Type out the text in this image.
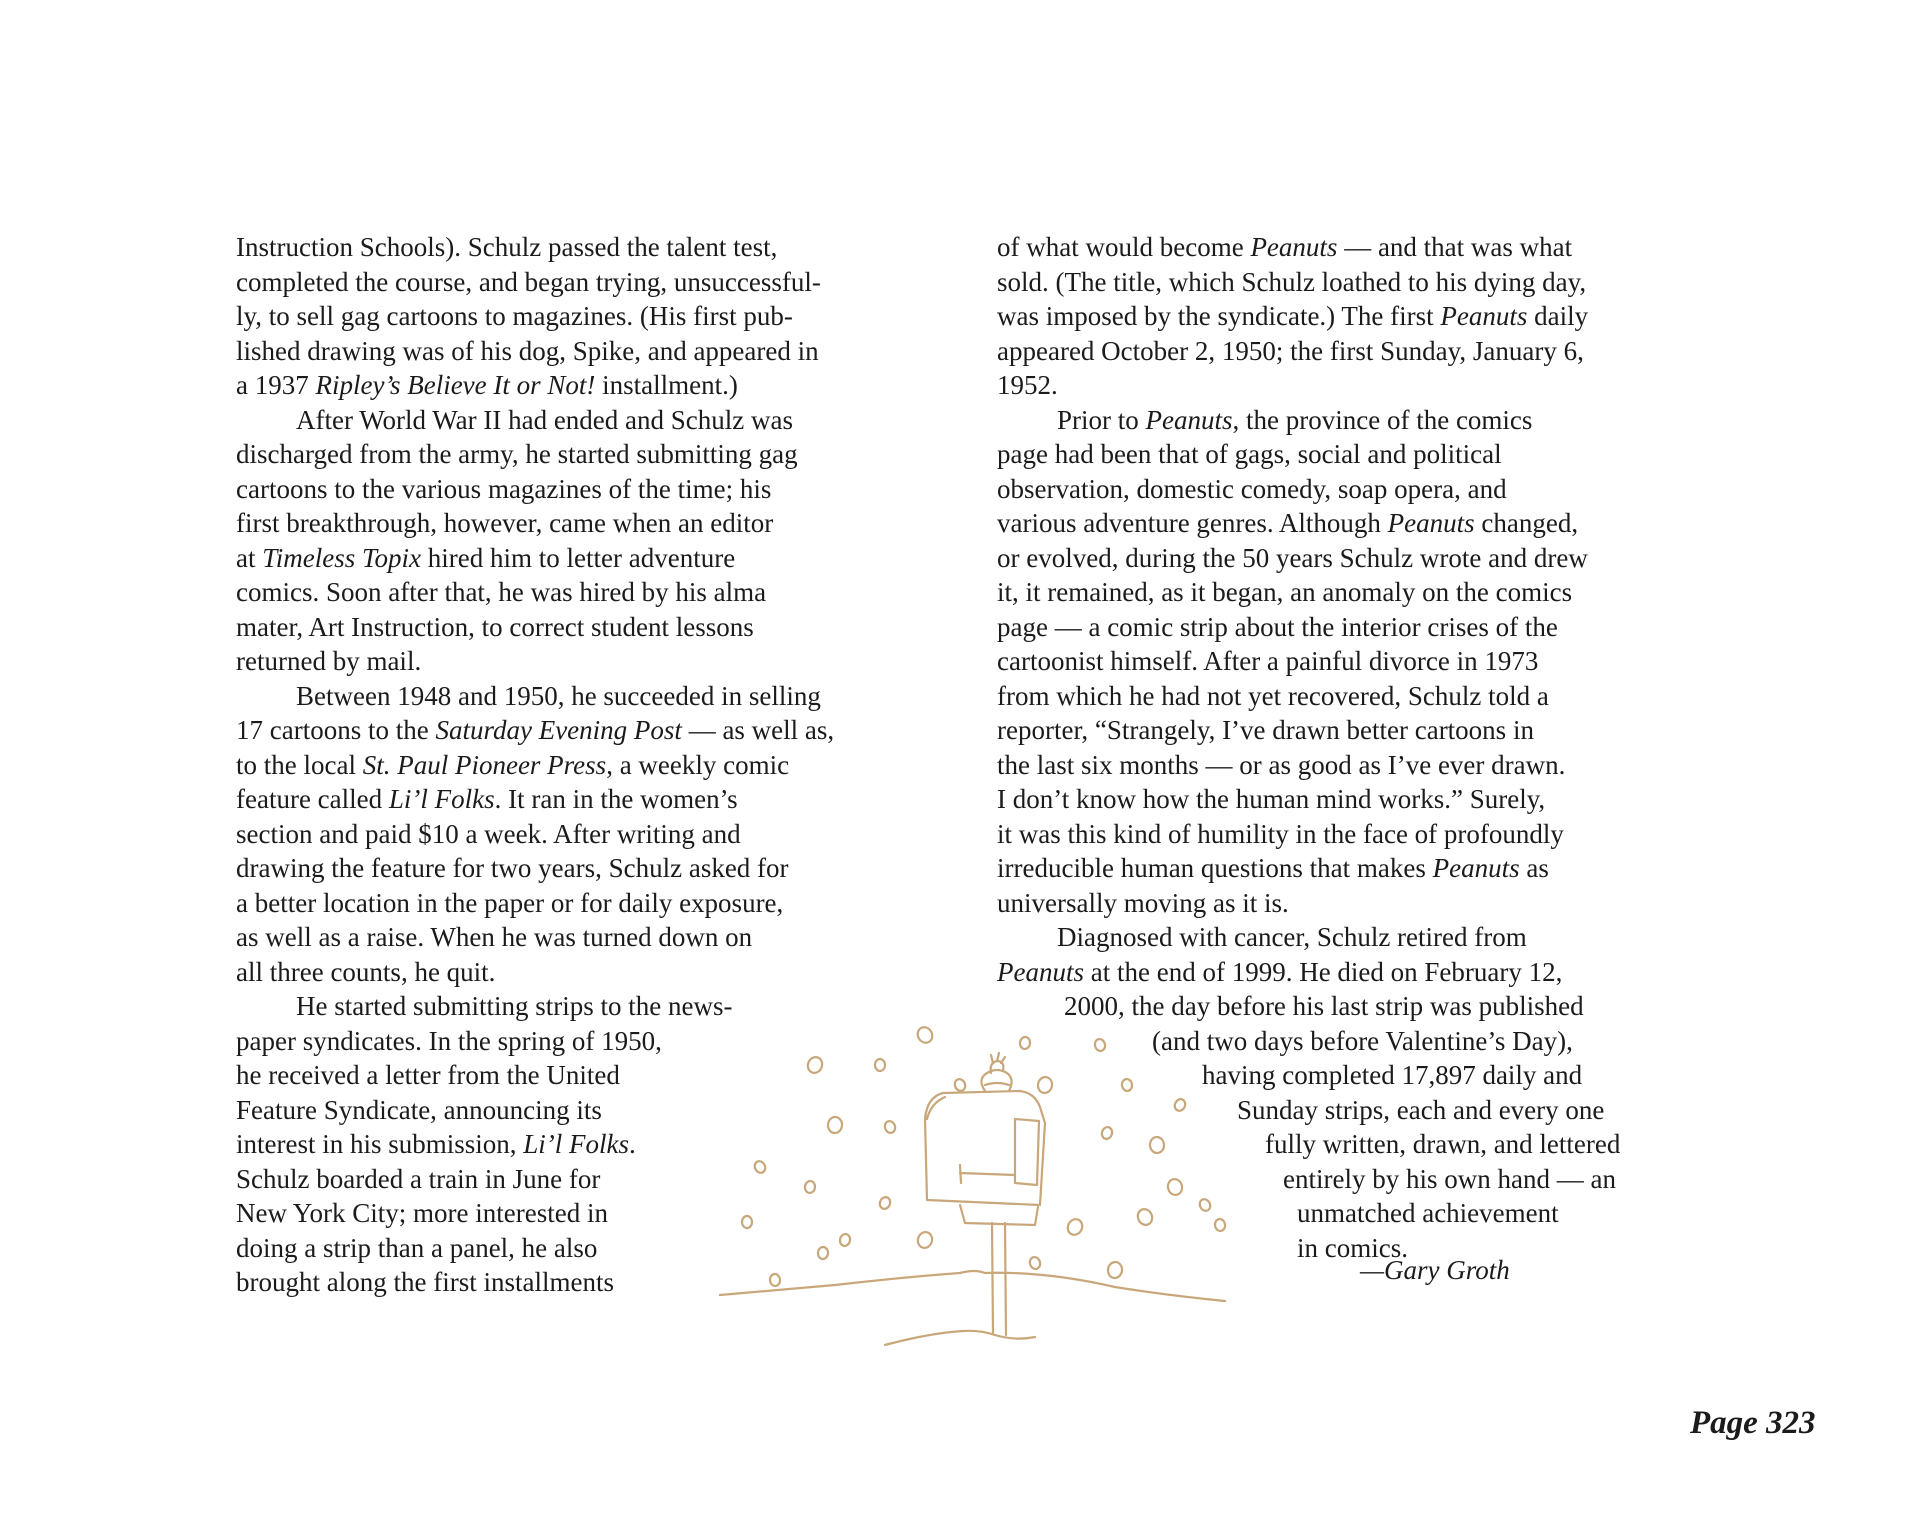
Instruction Schools). Schulz passed the talent test,
completed the course, and began trying, unsuccessful-
ly, to sell gag cartoons to magazines. (His first pub-
lished drawing was of his dog, Spike, and appeared in
a 1937 Ripley’s Believe It or Not! installment.)
After World War II had ended and Schulz was
discharged from the army, he started submitting gag
cartoons to the various magazines of the time; his
first breakthrough, however, came when an editor
at Timeless Topix hired him to letter adventure
comics. Soon after that, he was hired by his alma
mater, Art Instruction, to correct student lessons
returned by mail.
Between 1948 and 1950, he succeeded in selling
17 cartoons to the Saturday Evening Post — as well as,
to the local St. Paul Pioneer Press, a weekly comic
feature called Li’l Folks. It ran in the women’s
section and paid $10 a week. After writing and
drawing the feature for two years, Schulz asked for
a better location in the paper or for daily exposure,
as well as a raise. When he was turned down on
all three counts, he quit.
He started submitting strips to the news-
paper syndicates. In the spring of 1950,
he received a letter from the United
Feature Syndicate, announcing its
interest in his submission, Li’l Folks.
Schulz boarded a train in June for
New York City; more interested in
doing a strip than a panel, he also
brought along the first installments
of what would become Peanuts — and that was what
sold. (The title, which Schulz loathed to his dying day,
was imposed by the syndicate.) The first Peanuts daily
appeared October 2, 1950; the first Sunday, January 6,
1952.
Prior to Peanuts, the province of the comics
page had been that of gags, social and political
observation, domestic comedy, soap opera, and
various adventure genres. Although Peanuts changed,
or evolved, during the 50 years Schulz wrote and drew
it, it remained, as it began, an anomaly on the comics
page — a comic strip about the interior crises of the
cartoonist himself. After a painful divorce in 1973
from which he had not yet recovered, Schulz told a
reporter, “Strangely, I’ve drawn better cartoons in
the last six months — or as good as I’ve ever drawn.
I don’t know how the human mind works.” Surely,
it was this kind of humility in the face of profoundly
irreducible human questions that makes Peanuts as
universally moving as it is.
Diagnosed with cancer, Schulz retired from
Peanuts at the end of 1999. He died on February 12,
2000, the day before his last strip was published
(and two days before Valentine’s Day),
having completed 17,897 daily and
Sunday strips, each and every one
fully written, drawn, and lettered
entirely by his own hand — an
unmatched achievement
in comics.
—Gary Groth
Page 323
